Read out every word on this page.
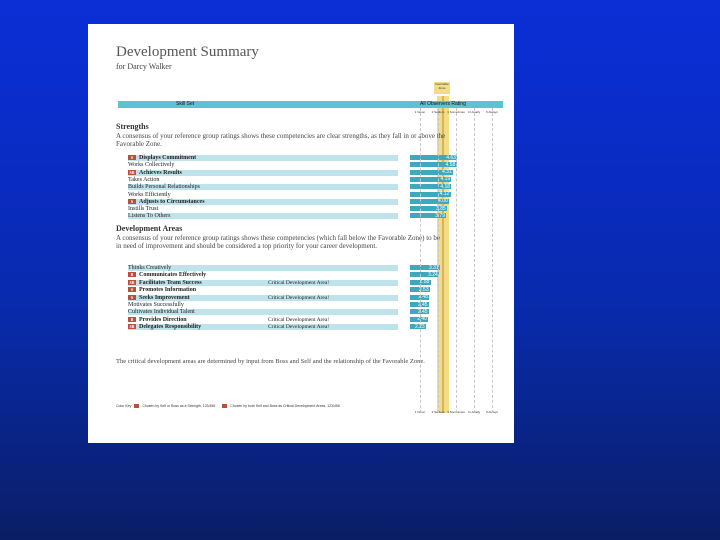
Favorable Zone
Development Summary
for Darcy Walker
Skill Set	All Observers Rating
1 Never	2 Seldom 3 Sometimes	4 Usually	5 Always
Strengths
A consensus of your reference group ratings shows these competencies are clear strengths, as they fall in or above the Favorable Zone.
S Displays Commitment	4.63
Works Collectively	4.58
SB Achieves Results	4.31
Takes Action	4.19
Builds Personal Relationships	4.18
Works Efficiently	4.12
S Adjusts to Circumstances	4.00
Instills Trust	3.85
Listens To Others	3.79
Development Areas
A consensus of your reference group ratings shows these competencies (which fall below the Favorable Zone) to be in need of improvement and should be considered a top priority for your career development.
Thinks Creatively	3.31
B Communicates Effectively	3.24
SB Facilitates Team Success	Critical Development Area!	2.58
S Promotes Information	2.53
S Seeks Improvement	Critical Development Area!	2.48
Motivates Successfully	2.45
Cultivates Individual Talent	2.45
B Provides Direction	Critical Development Area!	2.40
SB Delegates Responsibility	Critical Development Area!	2.23
The critical development areas are determined by input from Boss and Self and the relationship of the Favorable Zone.
Color Key	Chosen by Self or Boss as a Strength, 123/456	Chosen by both Self and Boss as Critical Development Areas, 123/456
1 Never	2 Seldom 3 Sometimes	4 Usually	5 Always
